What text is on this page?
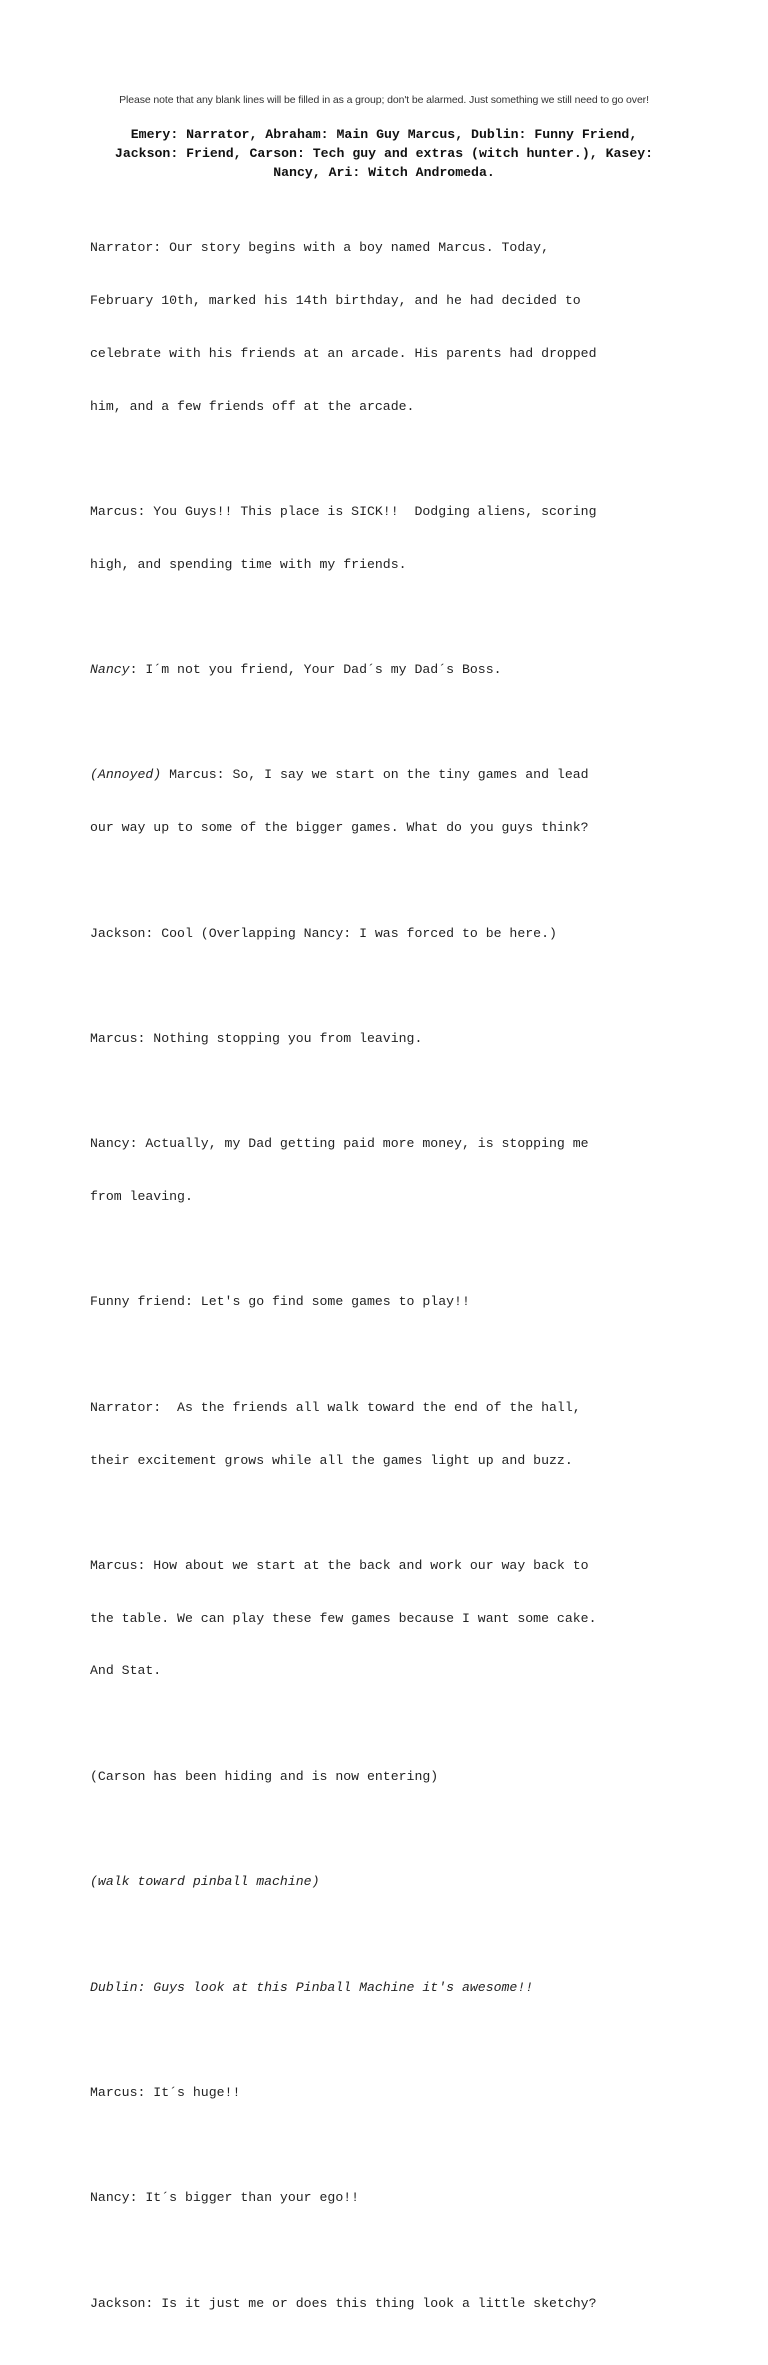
Please note that any blank lines will be filled in as a group; don't be alarmed. Just something we still need to go over!
Emery: Narrator, Abraham: Main Guy Marcus, Dublin: Funny Friend,
Jackson: Friend, Carson: Tech guy and extras (witch hunter.), Kasey:
Nancy, Ari: Witch Andromeda.

Narrator: Our story begins with a boy named Marcus. Today,

February 10th, marked his 14th birthday, and he had decided to

celebrate with his friends at an arcade. His parents had dropped

him, and a few friends off at the arcade.

Marcus: You Guys!! This place is SICK!!  Dodging aliens, scoring

high, and spending time with my friends.

Nancy: I´m not you friend, Your Dad´s my Dad´s Boss.

(Annoyed) Marcus: So, I say we start on the tiny games and lead

our way up to some of the bigger games. What do you guys think?

Jackson: Cool (Overlapping Nancy: I was forced to be here.)

Marcus: Nothing stopping you from leaving.

Nancy: Actually, my Dad getting paid more money, is stopping me

from leaving.

Funny friend: Let's go find some games to play!!

Narrator:  As the friends all walk toward the end of the hall,

their excitement grows while all the games light up and buzz.

Marcus: How about we start at the back and work our way back to

the table. We can play these few games because I want some cake.

And Stat.

(Carson has been hiding and is now entering)

(walk toward pinball machine)

Dublin: Guys look at this Pinball Machine it's awesome!!

Marcus: It´s huge!!

Nancy: It´s bigger than your ego!!

Jackson: Is it just me or does this thing look a little sketchy?
